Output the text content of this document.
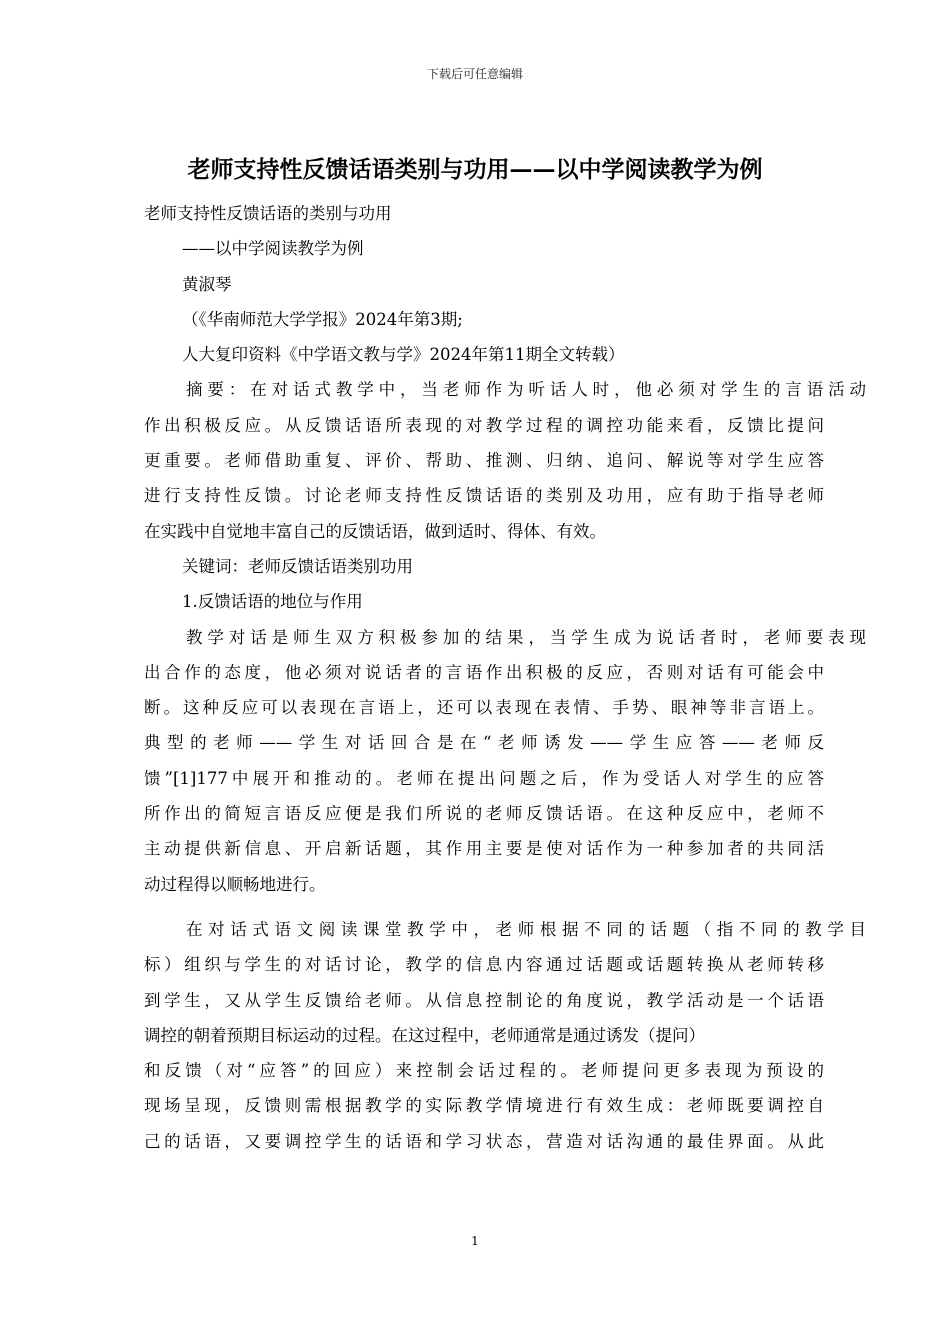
下载后可任意编辑
老师支持性反馈话语类别与功用——以中学阅读教学为例
老师支持性反馈话语的类别与功用
——以中学阅读教学为例
黄淑琴
（《华南师范大学学报》2024年第3期;
人大复印资料《中学语文教与学》2024年第11期全文转载）
摘要：在对话式教学中，当老师作为听话人时，他必须对学生的言语活动
作出积极反应。从反馈话语所表现的对教学过程的调控功能来看，反馈比提问
更重要。老师借助重复、评价、帮助、推测、归纳、追问、解说等对学生应答
进行支持性反馈。讨论老师支持性反馈话语的类别及功用，应有助于指导老师
在实践中自觉地丰富自己的反馈话语，做到适时、得体、有效。
关键词：老师反馈话语类别功用
1.反馈话语的地位与作用
教学对话是师生双方积极参加的结果，当学生成为说话者时，老师要表现
出合作的态度，他必须对说话者的言语作出积极的反应，否则对话有可能会中
断。这种反应可以表现在言语上，还可以表现在表情、手势、眼神等非言语上。
典型的老师——学生对话回合是在“老师诱发——学生应答——老师反
馈”[1]177中展开和推动的。老师在提出问题之后，作为受话人对学生的应答
所作出的简短言语反应便是我们所说的老师反馈话语。在这种反应中，老师不
主动提供新信息、开启新话题，其作用主要是使对话作为一种参加者的共同活
动过程得以顺畅地进行。
在对话式语文阅读课堂教学中，老师根据不同的话题（指不同的教学目
标）组织与学生的对话讨论，教学的信息内容通过话题或话题转换从老师转移
到学生，又从学生反馈给老师。从信息控制论的角度说，教学活动是一个话语
调控的朝着预期目标运动的过程。在这过程中，老师通常是通过诱发（提问）
和反馈（对“应答”的回应）来控制会话过程的。老师提问更多表现为预设的
现场呈现，反馈则需根据教学的实际教学情境进行有效生成：老师既要调控自
己的话语，又要调控学生的话语和学习状态，营造对话沟通的最佳界面。从此
1
